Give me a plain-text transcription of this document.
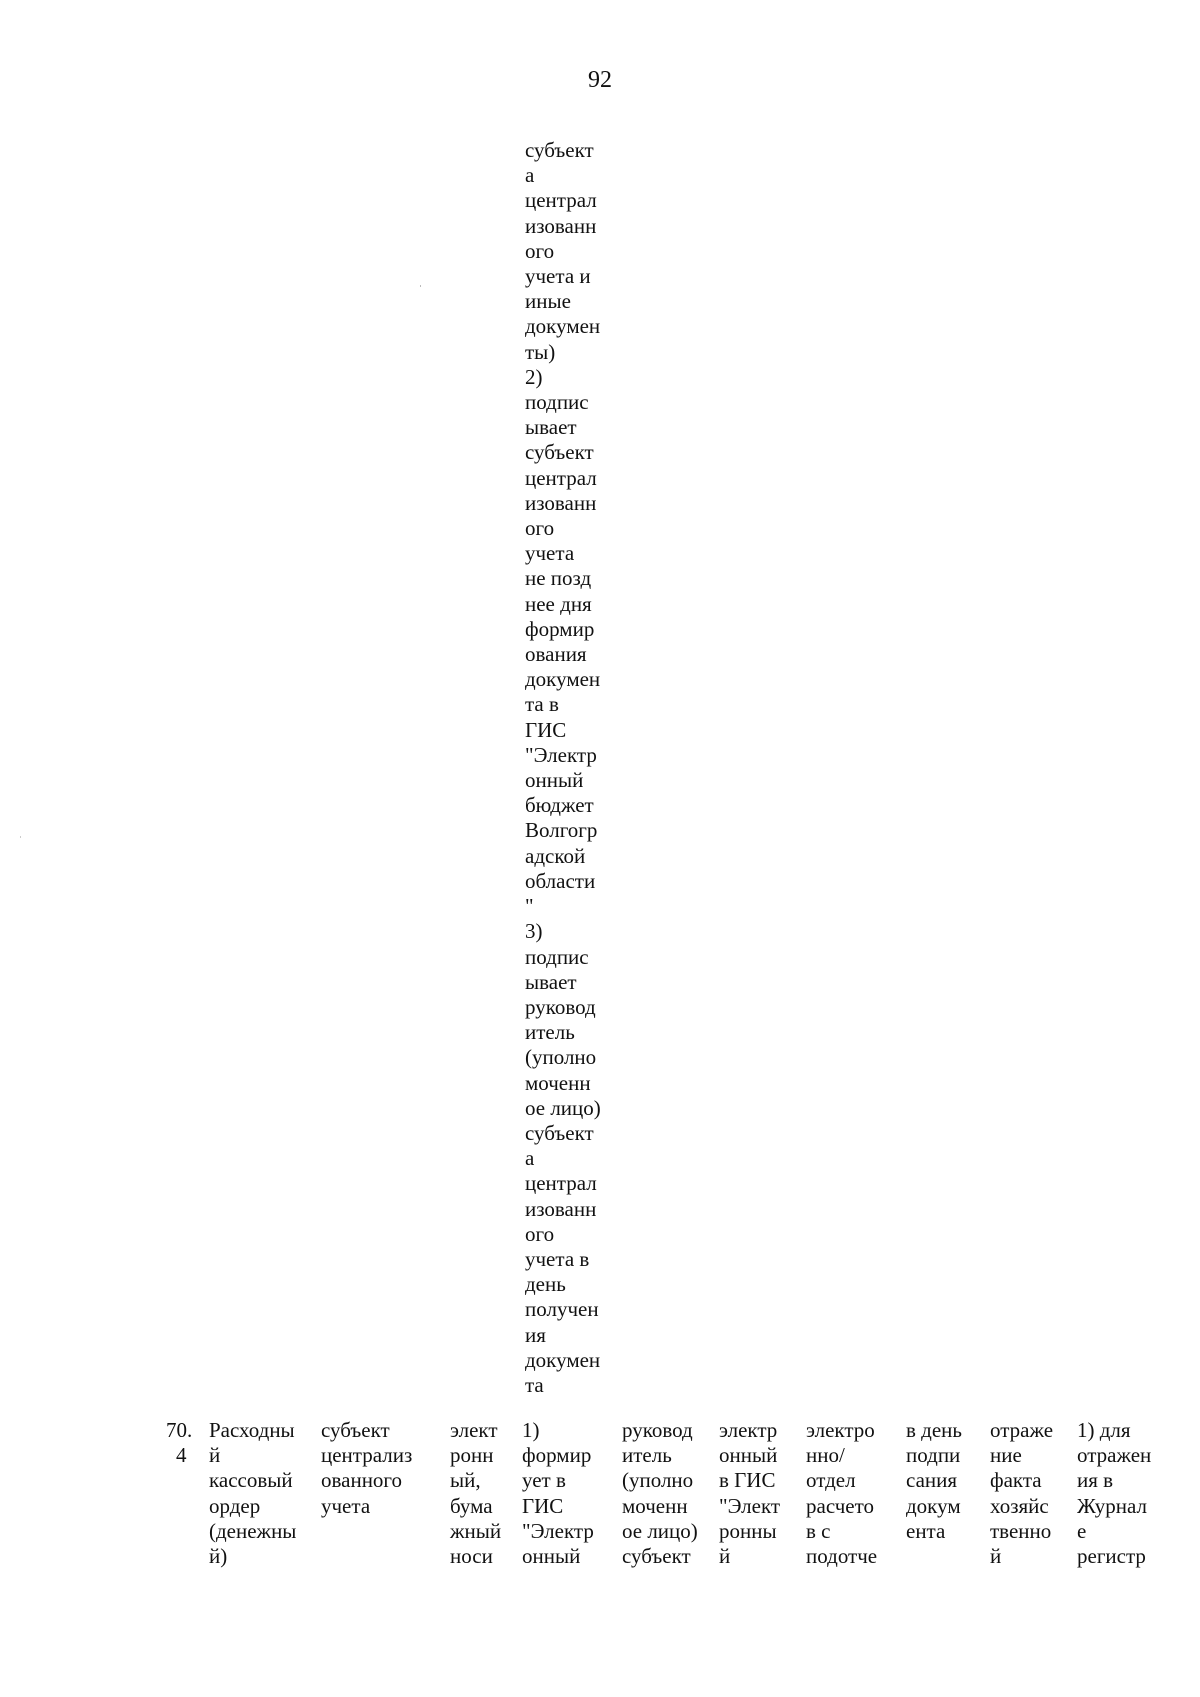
92
субъект
а
централ
изованн
ого
учета и
иные
докумен
ты)
2)
подпис
ывает
субъект
централ
изованн
ого
учета
не позд
нее дня
формир
ования
докумен
та в
ГИС
"Электр
онный
бюджет
Волгогр
адской
области
"
3)
подпис
ывает
руковод
итель
(уполно
моченн
ое лицо)
субъект
а
централ
изованн
ого
учета в
день
получен
ия
докумен
та
70.
4
Расходны
й
кассовый
ордер
(денежны
й)
субъект
централиз
ованного
учета
элект
ронн
ый,
бума
жный
носи
1)
формир
ует в
ГИС
"Электр
онный
руковод
итель
(уполно
моченн
ое лицо)
субъект
электр
онный
в ГИС
"Элект
ронны
й
электро
нно/
отдел
расчето
в с
подотче
в день
подпи
сания
докум
ента
отраже
ние
факта
хозяйс
твенно
й
1) для
отражен
ия в
Журнал
е
регистр
